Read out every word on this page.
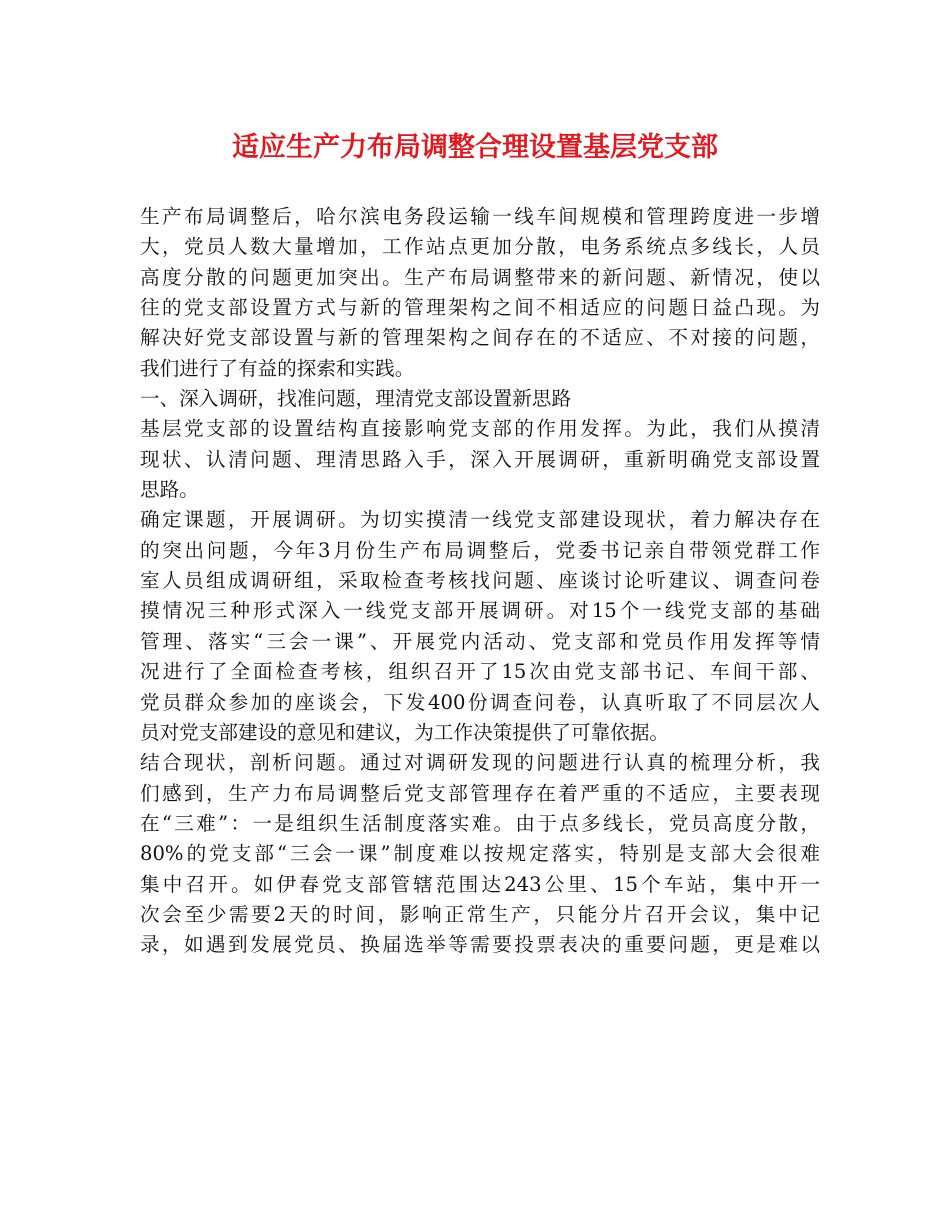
适应生产力布局调整合理设置基层党支部
生产布局调整后，哈尔滨电务段运输一线车间规模和管理跨度进一步增
大，党员人数大量增加，工作站点更加分散，电务系统点多线长，人员
高度分散的问题更加突出。生产布局调整带来的新问题、新情况，使以
往的党支部设置方式与新的管理架构之间不相适应的问题日益凸现。为
解决好党支部设置与新的管理架构之间存在的不适应、不对接的问题，
我们进行了有益的探索和实践。
一、深入调研，找准问题，理清党支部设置新思路
基层党支部的设置结构直接影响党支部的作用发挥。为此，我们从摸清
现状、认清问题、理清思路入手，深入开展调研，重新明确党支部设置
思路。
确定课题，开展调研。为切实摸清一线党支部建设现状，着力解决存在
的突出问题，今年3月份生产布局调整后，党委书记亲自带领党群工作
室人员组成调研组，采取检查考核找问题、座谈讨论听建议、调查问卷
摸情况三种形式深入一线党支部开展调研。对15个一线党支部的基础
管理、落实“三会一课”、开展党内活动、党支部和党员作用发挥等情
况进行了全面检查考核，组织召开了15次由党支部书记、车间干部、
党员群众参加的座谈会，下发400份调查问卷，认真听取了不同层次人
员对党支部建设的意见和建议，为工作决策提供了可靠依据。
结合现状，剖析问题。通过对调研发现的问题进行认真的梳理分析，我
们感到，生产力布局调整后党支部管理存在着严重的不适应，主要表现
在“三难”：一是组织生活制度落实难。由于点多线长，党员高度分散，
80%的党支部“三会一课”制度难以按规定落实，特别是支部大会很难
集中召开。如伊春党支部管辖范围达243公里、15个车站，集中开一
次会至少需要2天的时间，影响正常生产，只能分片召开会议，集中记
录，如遇到发展党员、换届选举等需要投票表决的重要问题，更是难以
